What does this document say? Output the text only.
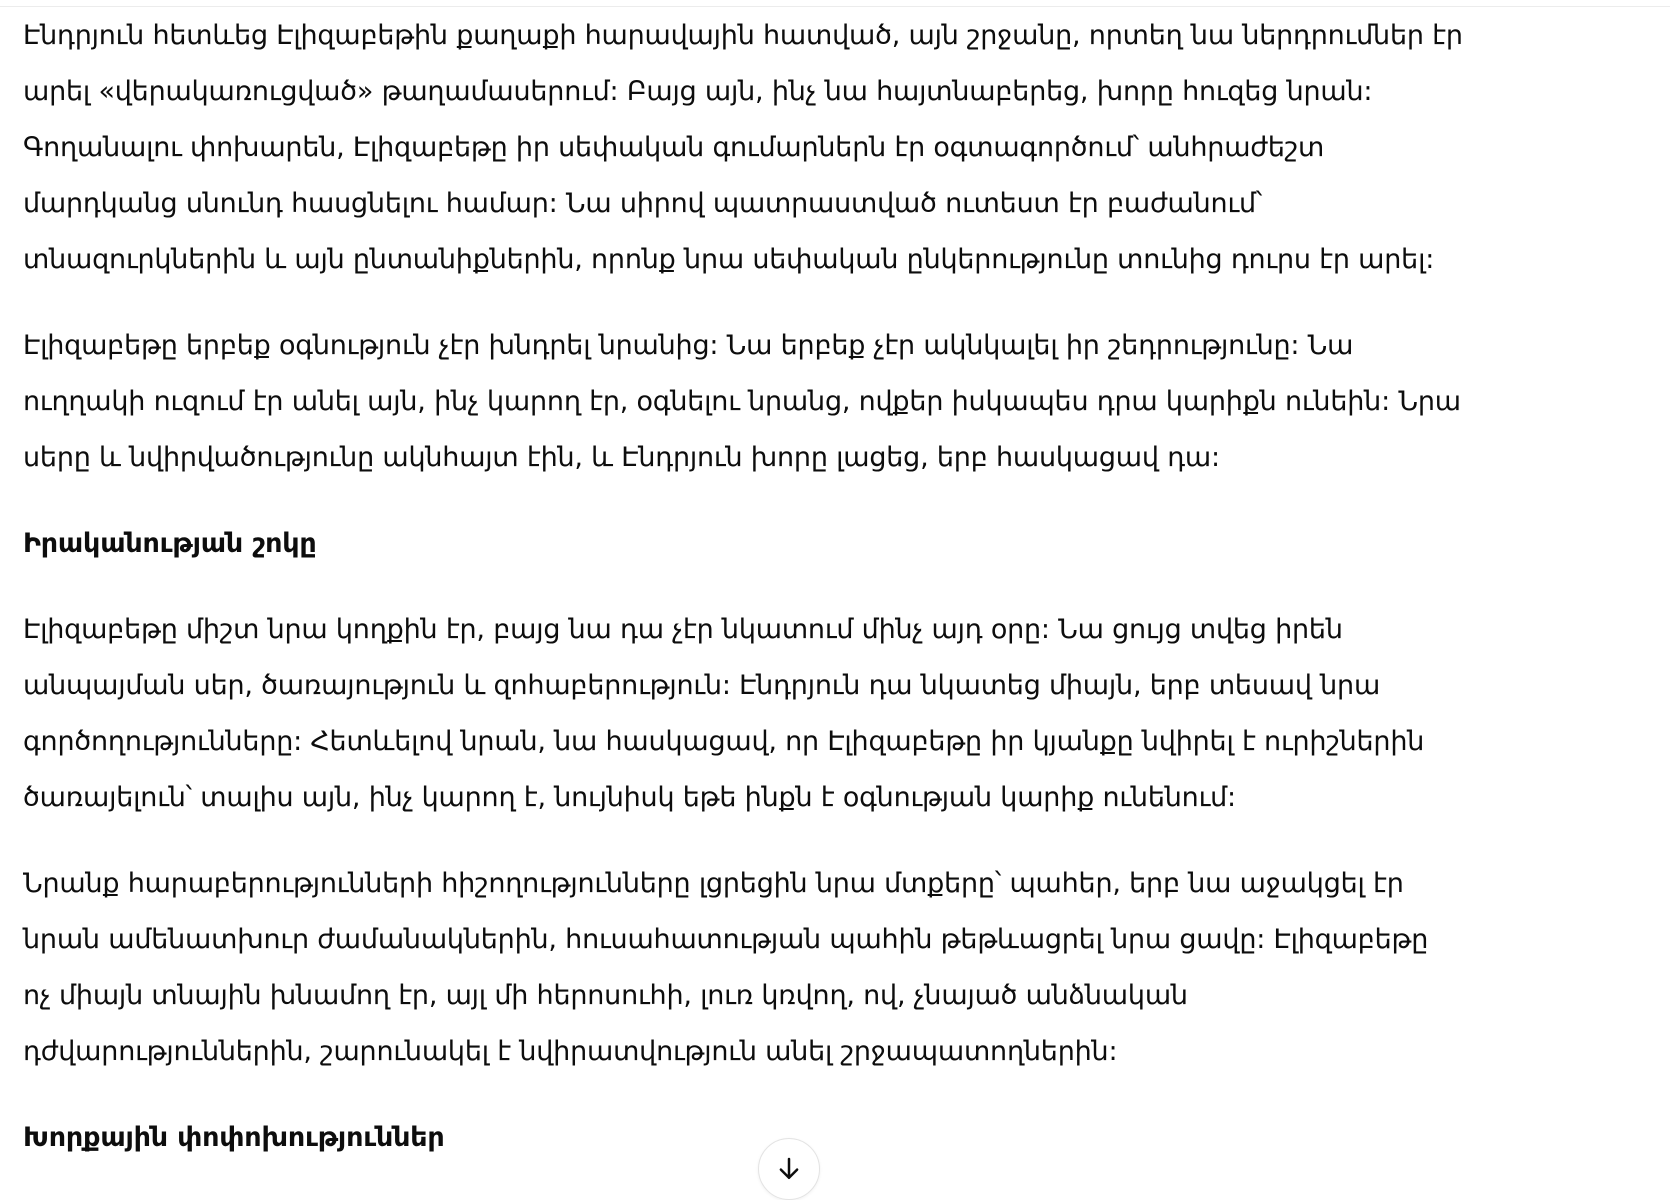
Էնդրյուն հետևեց Էլիզաբեթին քաղաքի հարավային հատված, այն շրջանը, որտեղ նա ներդրումներ էր
արել «վերակառուցված» թաղամասերում: Բայց այն, ինչ նա հայտնաբերեց, խորը հուզեց նրան:
Գողանալու փոխարեն, Էլիզաբեթը իր սեփական գումարներն էր օգտագործում՝ անհրաժեշտ
մարդկանց սնունդ հասցնելու համար: Նա սիրով պատրաստված ուտեստ էր բաժանում՝
տնազուրկներին և այն ընտանիքներին, որոնք նրա սեփական ընկերությունը տունից դուրս էր արել:

Էլիզաբեթը երբեք օգնություն չէր խնդրել նրանից: Նա երբեք չէր ակնկալել իր շեդրությունը: Նա
ուղղակի ուզում էր անել այն, ինչ կարող էր, օգնելու նրանց, ովքեր իսկապես դրա կարիքն ունեին: Նրա
սերը և նվիրվածությունը ակնհայտ էին, և Էնդրյուն խորը լացեց, երբ հասկացավ դա:

Իրականության շոկը

Էլիզաբեթը միշտ նրա կողքին էր, բայց նա դա չէր նկատում մինչ այդ օրը: Նա ցույց տվեց իրեն
անպայման սեր, ծառայություն և զոհաբերություն: Էնդրյուն դա նկատեց միայն, երբ տեսավ նրա
գործողությունները: Հետևելով նրան, նա հասկացավ, որ Էլիզաբեթը իր կյանքը նվիրել է ուրիշներին
ծառայելուն՝ տալիս այն, ինչ կարող է, նույնիսկ եթե ինքն է օգնության կարիք ունենում:

Նրանք հարաբերությունների հիշողությունները լցրեցին նրա մտքերը՝ պահեր, երբ նա աջակցել էր
նրան ամենատխուր ժամանակներին, հուսահատության պահին թեթևացրել նրա ցավը: Էլիզաբեթը
ոչ միայն տնային խնամող էր, այլ մի հերոսուհի, լուռ կռվող, ով, չնայած անձնական
դժվարություններին, շարունակել է նվիրատվություն անել շրջապատողներին:

Խորքային փոփոխություններ
